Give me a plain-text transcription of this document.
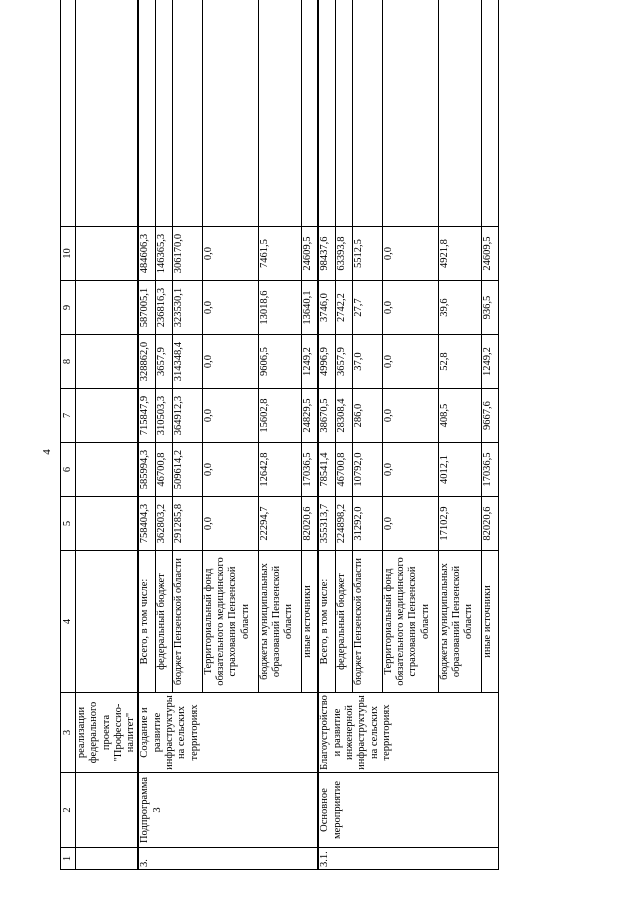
4
1	2	3	4	5	6	7	8	9	10	
		реализации федерального проекта "Профессио-налитет"								
3.	Подпрограмма 3	Создание и развитие инфраструктуры на сельских территориях	Всего, в том числе:	758404,3	585994,3	715847,9	328862,0	587005,1	484606,3	
			федеральный бюджет	362803,2	46700,8	310503,3	3657,9	236816,3	146365,3	
			бюджет Пензенской области	291285,8	509614,2	364912,3	314348,4	323530,1	306170,0	
			Территориальный фонд обязательного медицинского страхования Пензенской области	0,0	0,0	0,0	0,0	0,0	0,0	
			бюджеты муниципальных образований Пензенской области	22294,7	12642,8	15602,8	9606,5	13018,6	7461,5	
			иные источники	82020,6	17036,5	24829,5	1249,2	13640,1	24609,5	
3.1.	Основное мероприятие	Благоустройство и развитие инженерной инфраструктуры на сельских территориях	Всего, в том числе:	355313,7	78541,4	38670,5	4996,9	3746,0	98437,6	
			федеральный бюджет	224898,2	46700,8	28308,4	3657,9	2742,2	63393,8	
			бюджет Пензенской области	31292,0	10792,0	286,0	37,0	27,7	5512,5	
			Территориальный фонд обязательного медицинского страхования Пензенской области	0,0	0,0	0,0	0,0	0,0	0,0	
			бюджеты муниципальных образований Пензенской области	17102,9	4012,1	408,5	52,8	39,6	4921,8	
			иные источники	82020,6	17036,5	9667,6	1249,2	936,5	24609,5	
